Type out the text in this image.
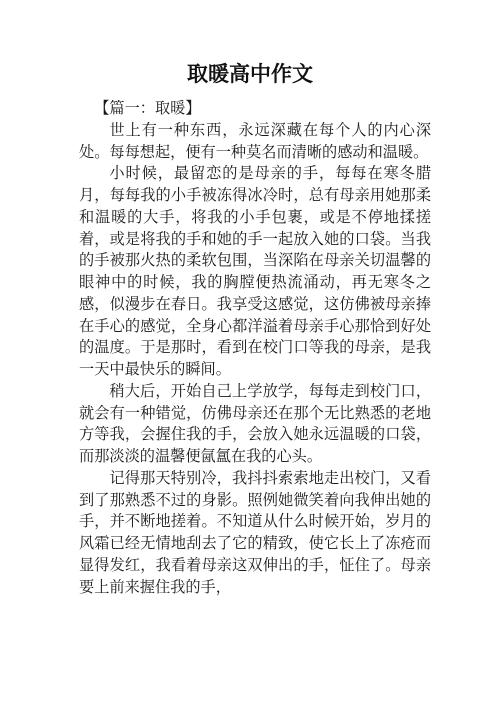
取暖高中作文

【篇一：取暖】

世上有一种东西，永远深藏在每个人的内心深处。每每想起，便有一种莫名而清晰的感动和温暖。

小时候，最留恋的是母亲的手，每每在寒冬腊月，每每我的小手被冻得冰冷时，总有母亲用她那柔和温暖的大手，将我的小手包裹，或是不停地揉搓着，或是将我的手和她的手一起放入她的口袋。当我的手被那火热的柔软包围，当深陷在母亲关切温馨的眼神中的时候，我的胸膛便热流涌动，再无寒冬之感，似漫步在春日。我享受这感觉，这仿佛被母亲捧在手心的感觉，全身心都洋溢着母亲手心那恰到好处的温度。于是那时，看到在校门口等我的母亲，是我一天中最快乐的瞬间。

稍大后，开始自己上学放学，每每走到校门口，就会有一种错觉，仿佛母亲还在那个无比熟悉的老地方等我，会握住我的手，会放入她永远温暖的口袋，而那淡淡的温馨便氤氲在我的心头。

记得那天特别冷，我抖抖索索地走出校门，又看到了那熟悉不过的身影。照例她微笑着向我伸出她的手，并不断地搓着。不知道从什么时候开始，岁月的风霜已经无情地刮去了它的精致，使它长上了冻疮而显得发红，我看着母亲这双伸出的手，怔住了。母亲要上前来握住我的手，
